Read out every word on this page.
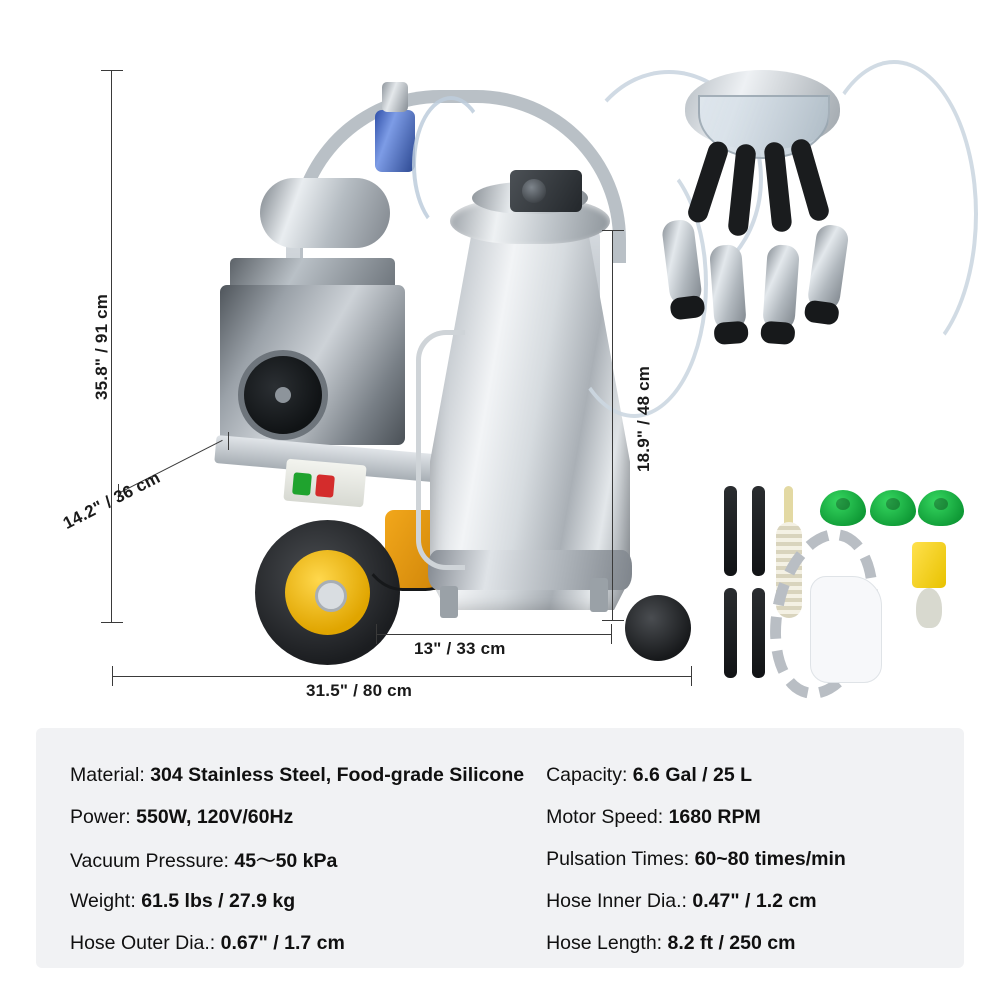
35.8" / 91 cm
14.2" / 36 cm
18.9" / 48 cm
13" / 33 cm
31.5" / 80 cm
Material: 304 Stainless Steel, Food-grade Silicone	Capacity: 6.6 Gal / 25 L
Power: 550W, 120V/60Hz	Motor Speed: 1680 RPM
Vacuum Pressure: 45～50 kPa	Pulsation Times: 60~80 times/min
Weight: 61.5 lbs / 27.9 kg	Hose Inner Dia.: 0.47" / 1.2 cm
Hose Outer Dia.: 0.67" / 1.7 cm	Hose Length: 8.2 ft / 250 cm
